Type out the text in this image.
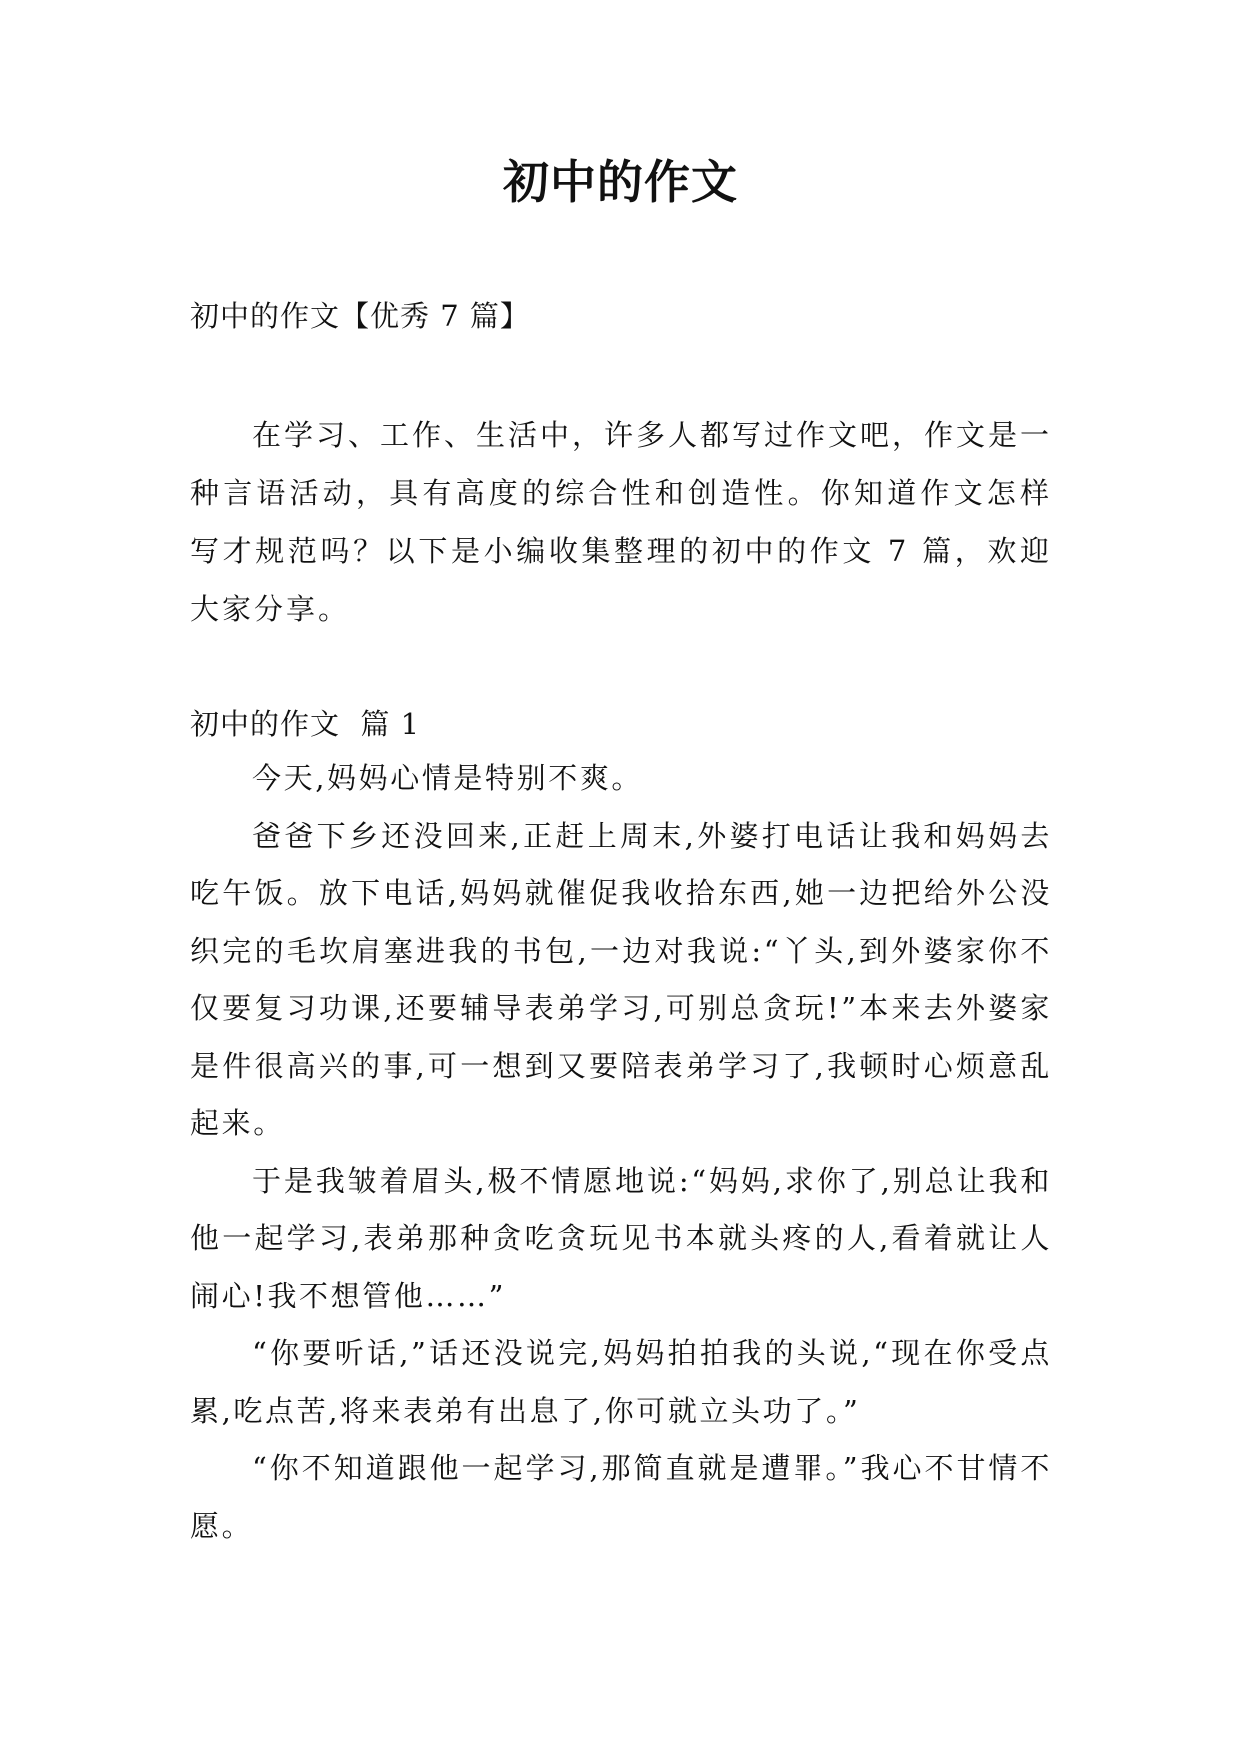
初中的作文
初中的作文【优秀 7 篇】

在学习、工作、生活中，许多人都写过作文吧，作文是一种言语活动，具有高度的综合性和创造性。你知道作文怎样写才规范吗？以下是小编收集整理的初中的作文 7 篇，欢迎大家分享。

初中的作文  篇 1

今天,妈妈心情是特别不爽。

爸爸下乡还没回来,正赶上周末,外婆打电话让我和妈妈去吃午饭。放下电话,妈妈就催促我收拾东西,她一边把给外公没织完的毛坎肩塞进我的书包,一边对我说:“丫头,到外婆家你不仅要复习功课,还要辅导表弟学习,可别总贪玩!”本来去外婆家是件很高兴的事,可一想到又要陪表弟学习了,我顿时心烦意乱起来。

于是我皱着眉头,极不情愿地说:“妈妈,求你了,别总让我和他一起学习,表弟那种贪吃贪玩见书本就头疼的人,看着就让人闹心!我不想管他……”

“你要听话,”话还没说完,妈妈拍拍我的头说,“现在你受点累,吃点苦,将来表弟有出息了,你可就立头功了。”

“你不知道跟他一起学习,那简直就是遭罪。”我心不甘情不愿。
